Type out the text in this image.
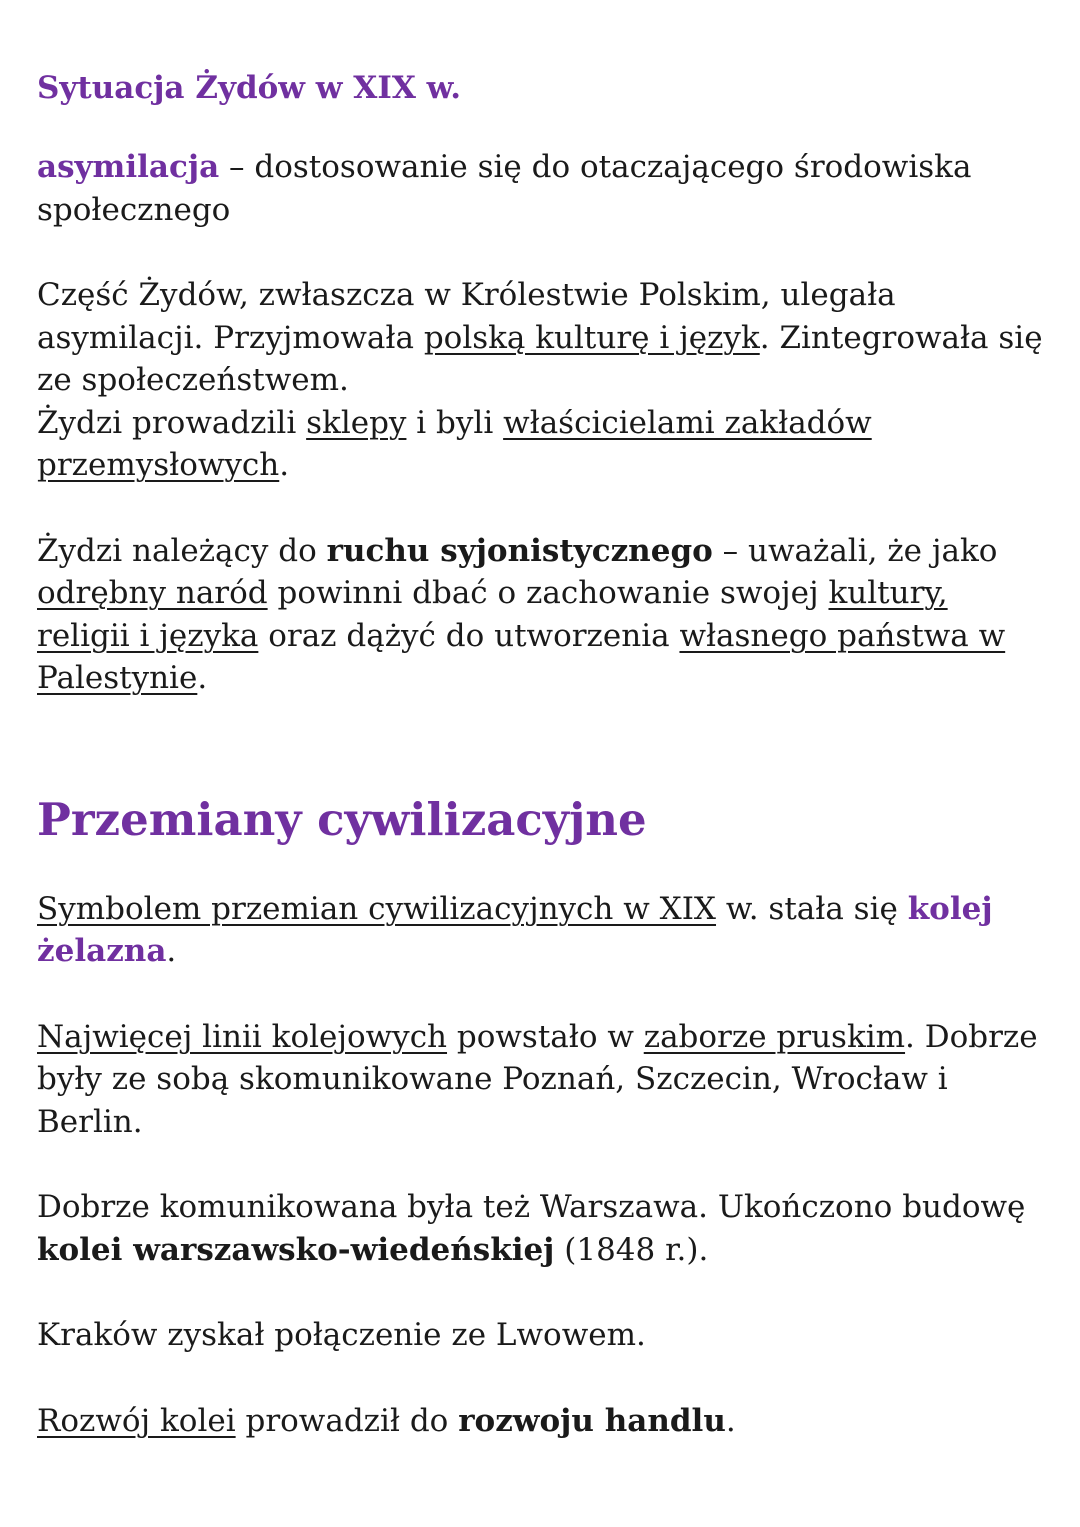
Sytuacja Żydów w XIX w.

asymilacja – dostosowanie się do otaczającego środowiska społecznego

Część Żydów, zwłaszcza w Królestwie Polskim, ulegała asymilacji. Przyjmowała polską kulturę i język. Zintegrowała się ze społeczeństwem.
Żydzi prowadzili sklepy i byli właścicielami zakładów przemysłowych.

Żydzi należący do ruchu syjonistycznego – uważali, że jako odrębny naród powinni dbać o zachowanie swojej kultury, religii i języka oraz dążyć do utworzenia własnego państwa w Palestynie.

Przemiany cywilizacyjne

Symbolem przemian cywilizacyjnych w XIX w. stała się kolej żelazna.

Najwięcej linii kolejowych powstało w zaborze pruskim. Dobrze były ze sobą skomunikowane Poznań, Szczecin, Wrocław i Berlin.

Dobrze komunikowana była też Warszawa. Ukończono budowę kolei warszawsko-wiedeńskiej (1848 r.).

Kraków zyskał połączenie ze Lwowem.

Rozwój kolei prowadził do rozwoju handlu.
